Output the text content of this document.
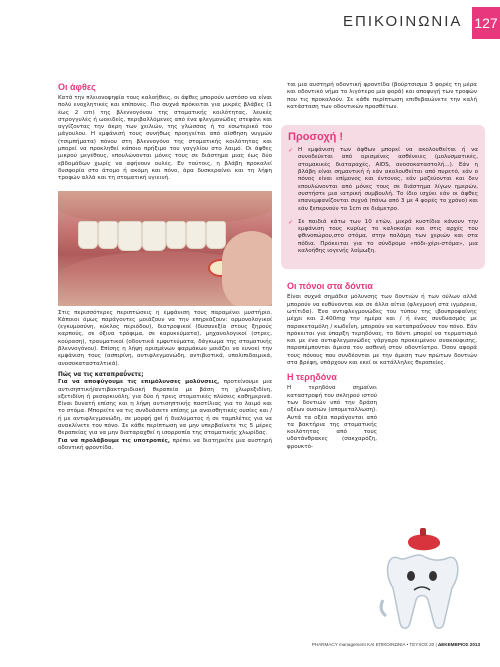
ΕΠΙΚΟΙΝΩΝΙΑ 127
Οι άφθες

Κατά την πλειονοψηφία τους καλοήθεις, οι άφθες μπορούν ωστόσο να είναι πολύ ενοχλητικές και επίπονες. Πιο συχνά πρόκειται για μικρές βλάβες (1 έως 2 cm) της βλεννογόνου της στοματικής κοιλότητας, λευκές στρογγυλές ή ωοειδείς, περιβαλλόμενες από ένα φλεγμονώδες στεφάνι και αγγίζοντας την άκρη των χειλιών, της γλώσσας ή το εσωτερικό του μάγουλου. Η εμφάνισή τους συνήθως προηγείται από αίσθηση νυγμών (τσιμπήματα) πόνου στη βλεννογόνο της στοματικής κοιλότητας και μπορεί να προκληθεί κάποιο πρήξιμο του γαγγλίου στο λαιμό. Οι άφθες μικρού μεγέθους, επουλώνονται μόνες τους σε διάστημα μιας έως δύο εβδομάδων χωρίς να αφήνουν ουλές. Εν τούτοις, η βλάβη προκαλεί δυσφορία στο άτομο ή ακόμη και πόνο, άρα δυσκεραίνει και τη λήψη τροφών αλλά και τη στοματική υγιεινή.

Στις περισσότερες περιπτώσεις η εμφάνιση τους παραμένει μυστήριο. Κάποιοι όμως παράγοντες μοιάζουν να την επηρεάζουν: ορμονολογικοί (εγκυμοσύνη, κύκλος περιόδου), διατροφικοί (δυσανεξία στους ξηρούς καρπούς, σε όξινα τρόφιμα, σε καρυκεύματα), μηχανολογικοί (στρες, κούραση), τραυματικοί (οδοντικά εμφυτεύματα, δάγκωμα της στοματικής βλεννογόνου). Επίσης η λήψη ορισμένων φαρμάκων μοιάζει να ευνοεί την εμφάνιση τους (ασπιρίνη, αντιφλεγμονώδη, αντιβιοτικά, υπολιπιδαιμικά, ανοσοκατασταλτικά).

Πώς να τις καταπραΰνετε;

Για να αποφύγουμε τις επιμόλυνσες μολύνσεις, προτείνουμε μια αντισηπτική/αντιβακτηριδιακή θεραπεία με βάση τη χλωρεξιδίνη, εξετιδίνη ή ρεσορκινόλη, για δύο ή τρεις στοματικές πλύσεις καθημερινά. Είναι δυνατή επίσης και η λήψη αντισηπτικής παστίλιας για το λαιμό και το στόμα. Μπορείτε να τις συνδυάσετε επίσης με αναισθητικές ουσίες και / ή με αντιφλεγμονώδη, σε μορφή gel ή διαλύματος ή σε ταμπλέτες για να ανακλίνετε τον πόνο. Σε κάθε περίπτωση να μην υπερβαίνετε τις 5 μέρες θεραπείας για να μην διαταραχθεί η ισορροπία της στοματικής χλωρίδας.

Για να προλάβουμε τις υποτροπές, πρέπει να διατηρείτε μια αυστηρή οδοντική φροντίδα.

ται μια αυστηρή οδοντική φροντίδα (βούρτσισμα 3 φορές τη μέρα και οδοντικό νήμα το λιγότερο μια φορά) και αποφυγή των τροφών που τις προκαλούν. Σε κάθε περίπτωση επιθεβαιώνετε την καλή κατάσταση των οδοντικών προσθέτων.

Προσοχή !
✓ Η εμφάνιση των άφθων μπορεί να ακολουθείται ή να συνοδεύεται από ορισμένες ασθένειες (μολυσματικές, στομακικές διαταραχές, AIDS, ανοσοκαταστολή...). Εάν η βλάβη είναι σημαντική ή εάν ακολουθείται από πυρετό, εάν ο πόνος είναι επίμονος και έντονος, εάν μαζεύονται και δεν επουλώνονται από μόνες τους σε διάστημα λίγων ημερών, συστήστε μια ιατρική συμβουλή. Το ίδιο ισχύει εάν οι άφθες επανεμφανίζονται συχνά (πάνω από 3 με 4 φορές το χρόνο) και εάν ξεπερνούν το 1cm σε διάμετρο.

✓ Σε παιδιά κάτω των 10 ετών, μικρά κυστίδια κάνουν την εμφάνιση τους κυρίως το καλοκαίρι και στις αρχές του φθινοπώρου,στο στόμα, στην παλάμη των χεριών και στα πόδια. Πρόκειται για το σύνδρομο «πόδι-χέρι-στόμα», μια καλοήθης ιογενής λοίμωξη.

Οι πόνοι στα δόντια

Είναι συχνά σημάδια μόλυνσης των δοντιών ή των ούλων αλλά μπορούν να ευθύνονται και σε άλλα αίτια (φλεγμονή στα ιγμόρεια, ωτίτιδα). Ένα αντιφλεγμονώδες του τύπου της ιβουπροφαίνης μέχρι και 2.400mg την ημέρα και / ή ένας συνδυασμός με παρακεταμόλη / κωδεΐνη, μπορούν να καταπραΰνουν τον πόνο. Εάν πρόκειται για ύπαρξη τερηδόνας, το δόντι μπορεί να τερματισμό και με ένα αντιφλεγμονώδες γάργαρο προκειμένου ανακούφισης, παραπέμπονται άμεσα τον ασθενή στον οδοντίατρο. Όσον αφορά τους πόνους που συνδέονται με την άμεση των πρώτων δοντιών στα βρέφη, υπάρχουν και εκεί οι κατάλληλες θεραπείες.

Η τερηδόνα

Η τερηδόνα σημαίνει καταστροφή του σκληρού ιστού των δοντιών υπό την δράση οξέων ουσιών (απομεταλλωση). Αυτά τα οξέα παράγονται από τα βακτήρια της στοματικής κοιλότητας από τους υδατάνθρακες (σακχαρόζη, φρουκτό-

PHARMACY management ΚΑΙ ΕΠΙΚΟΙΝΩΝΙΑ • ΤΕΥΧΟΣ 20 | ΔΕΚΕΜΒΡΙΟΣ 2013
